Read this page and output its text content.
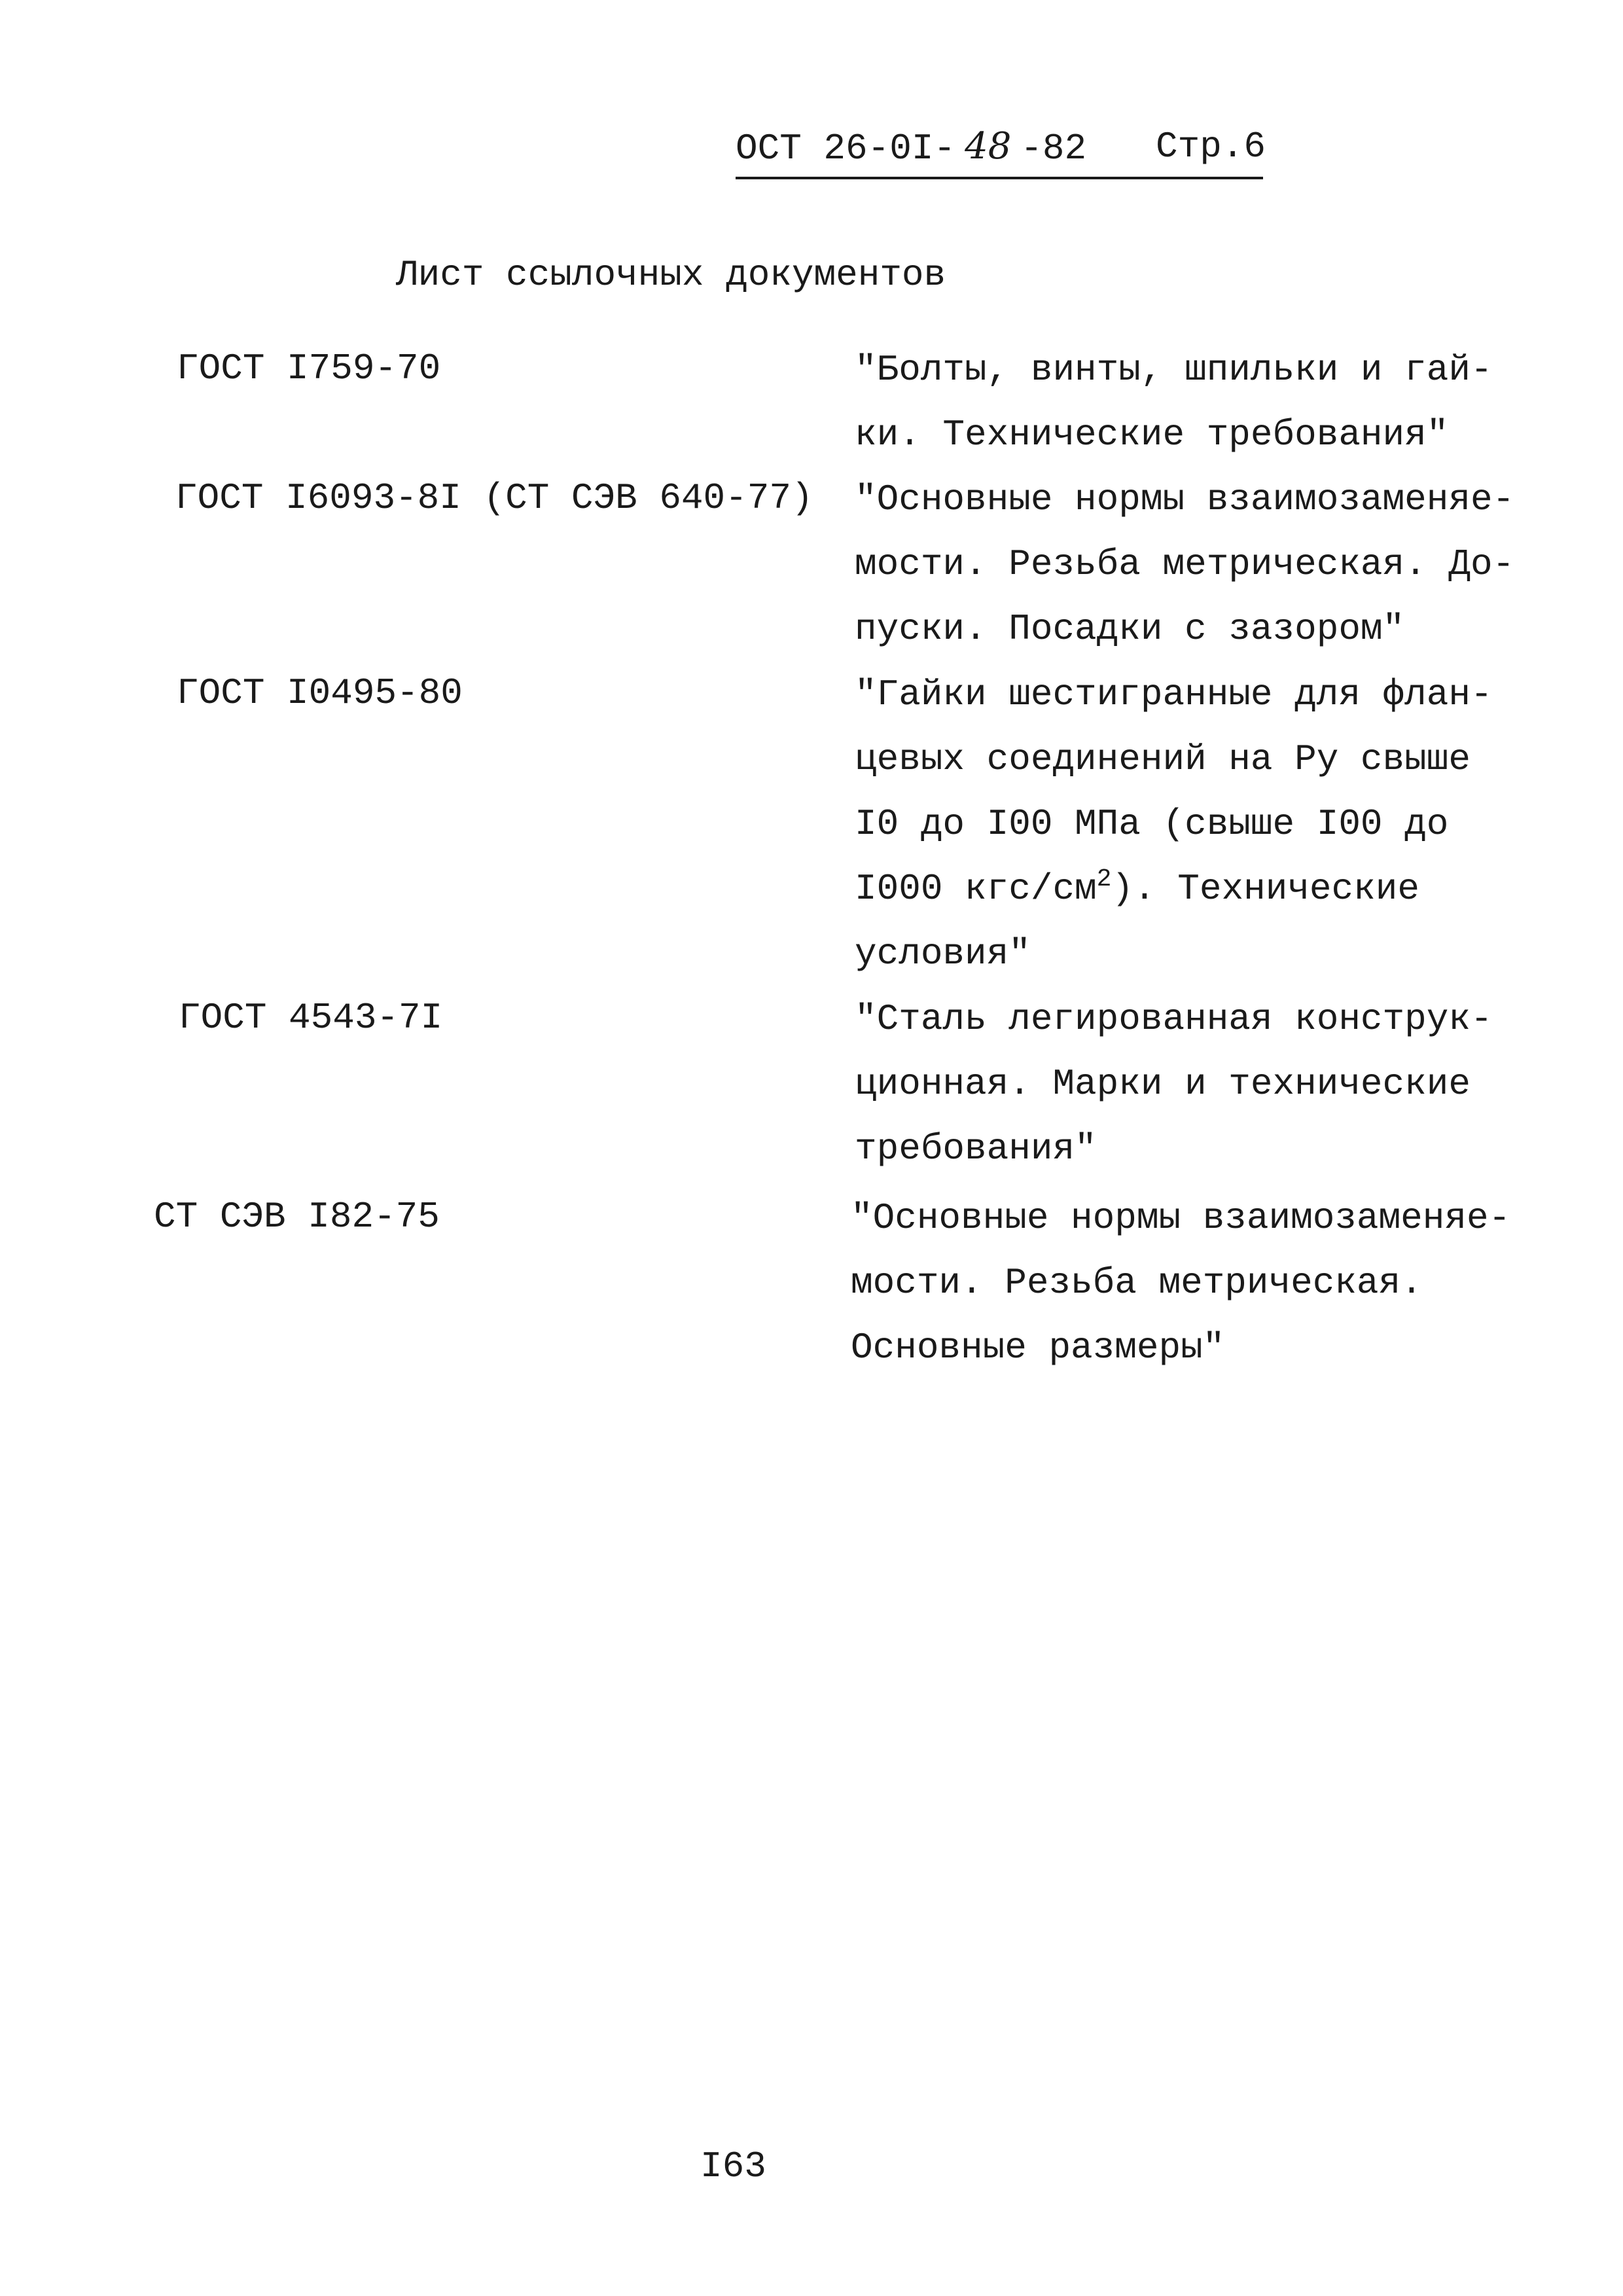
ОСТ 26-0I- 48 -82 Стр.6
Лист ссылочных документов
ГОСТ I759-70	"Болты, винты, шпильки и гай-
ки. Технические требования"
ГОСТ I6093-8I (СТ СЭВ 640-77) "Основные нормы взаимозаменяе-
мости. Резьба метрическая. До-
пуски. Посадки с зазором"
ГОСТ I0495-80	"Гайки шестигранные для флан-
цевых соединений на Ру свыше
I0 до I00 МПа (свыше I00 до
I000 кгс/$см^2$). Технические
условия"
ГОСТ 4543-7I	"Сталь легированная конструк-
ционная. Марки и технические
требования"
СТ СЭВ I82-75	"Основные нормы взаимозаменяе-
мости. Резьба метрическая.
Основные размеры"
I63
